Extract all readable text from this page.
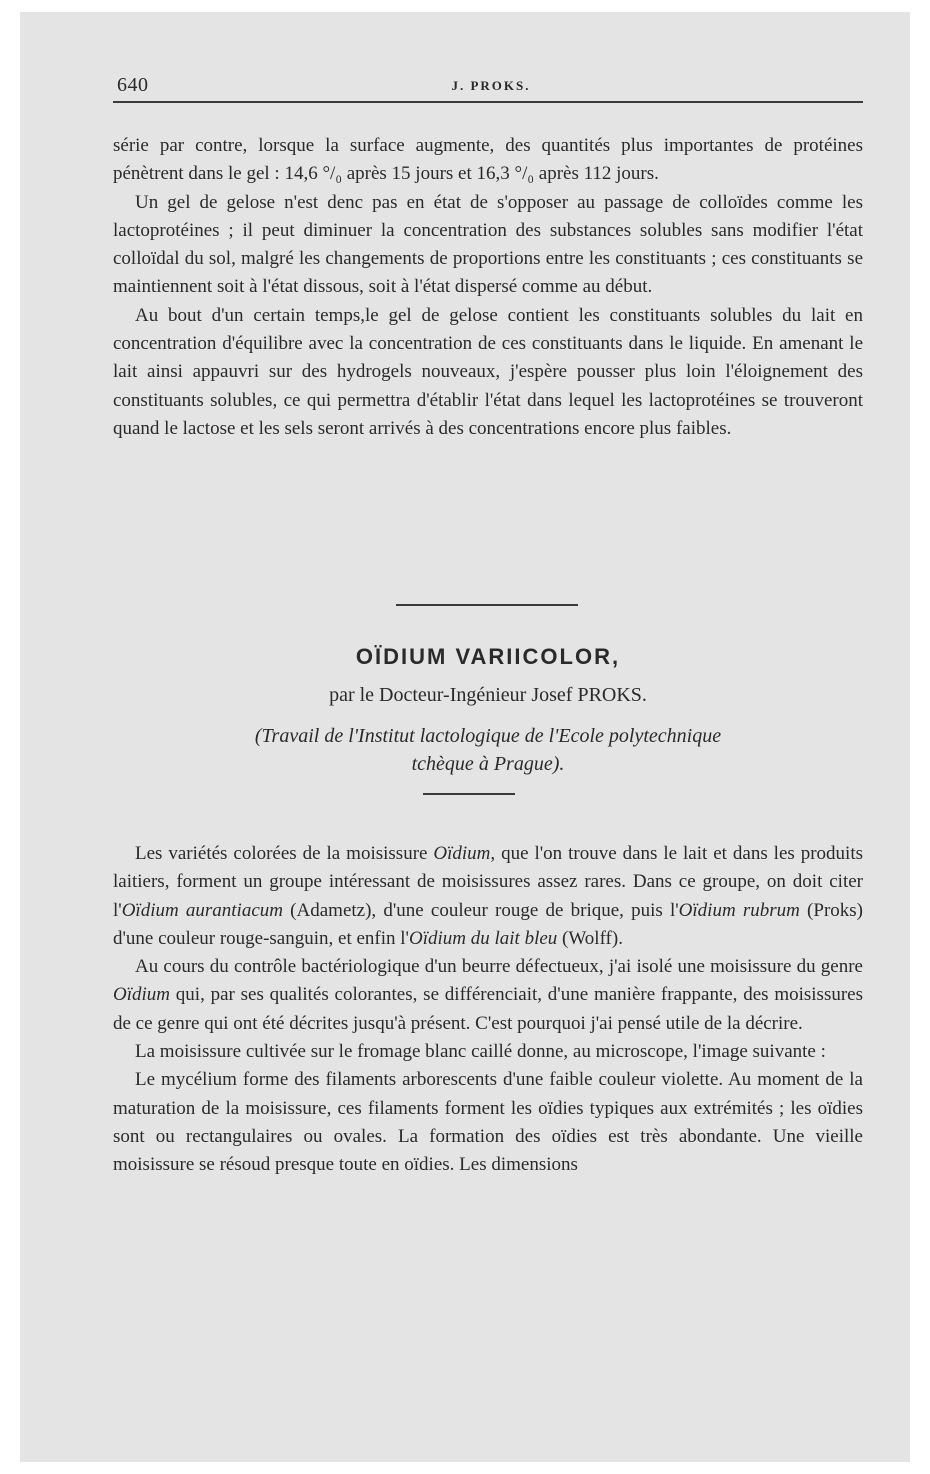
640	J. PROKS.

série par contre, lorsque la surface augmente, des quantités plus importantes de protéines pénètrent dans le gel : 14,6 °/₀ après 15 jours et 16,3 °/₀ après 112 jours.

Un gel de gelose n'est denc pas en état de s'opposer au passage de colloïdes comme les lactoprotéines ; il peut diminuer la concentration des substances solubles sans modifier l'état colloïdal du sol, malgré les changements de proportions entre les constituants ; ces constituants se maintiennent soit à l'état dissous, soit à l'état dispersé comme au début.

Au bout d'un certain temps,le gel de gelose contient les constituants solubles du lait en concentration d'équilibre avec la concentration de ces constituants dans le liquide. En amenant le lait ainsi appauvri sur des hydrogels nouveaux, j'espère pousser plus loin l'éloignement des constituants solubles, ce qui permettra d'établir l'état dans lequel les lactoprotéines se trouveront quand le lactose et les sels seront arrivés à des concentrations encore plus faibles.

OÏDIUM VARIICOLOR,
par le Docteur-Ingénieur Josef PROKS.
(Travail de l'Institut lactologique de l'Ecole polytechnique
tchèque à Prague).

Les variétés colorées de la moisissure Oïdium, que l'on trouve dans le lait et dans les produits laitiers, forment un groupe intéressant de moisissures assez rares. Dans ce groupe, on doit citer l'Oïdium aurantiacum (Adametz), d'une couleur rouge de brique, puis l'Oïdium rubrum (Proks) d'une couleur rouge-sanguin, et enfin l'Oïdium du lait bleu (Wolff).

Au cours du contrôle bactériologique d'un beurre défectueux, j'ai isolé une moisissure du genre Oïdium qui, par ses qualités colorantes, se différenciait, d'une manière frappante, des moisissures de ce genre qui ont été décrites jusqu'à présent. C'est pourquoi j'ai pensé utile de la décrire.

La moisissure cultivée sur le fromage blanc caillé donne, au microscope, l'image suivante :

Le mycélium forme des filaments arborescents d'une faible couleur violette. Au moment de la maturation de la moisissure, ces filaments forment les oïdies typiques aux extrémités ; les oïdies sont ou rectangulaires ou ovales. La formation des oïdies est très abondante. Une vieille moisissure se résoud presque toute en oïdies. Les dimensions
